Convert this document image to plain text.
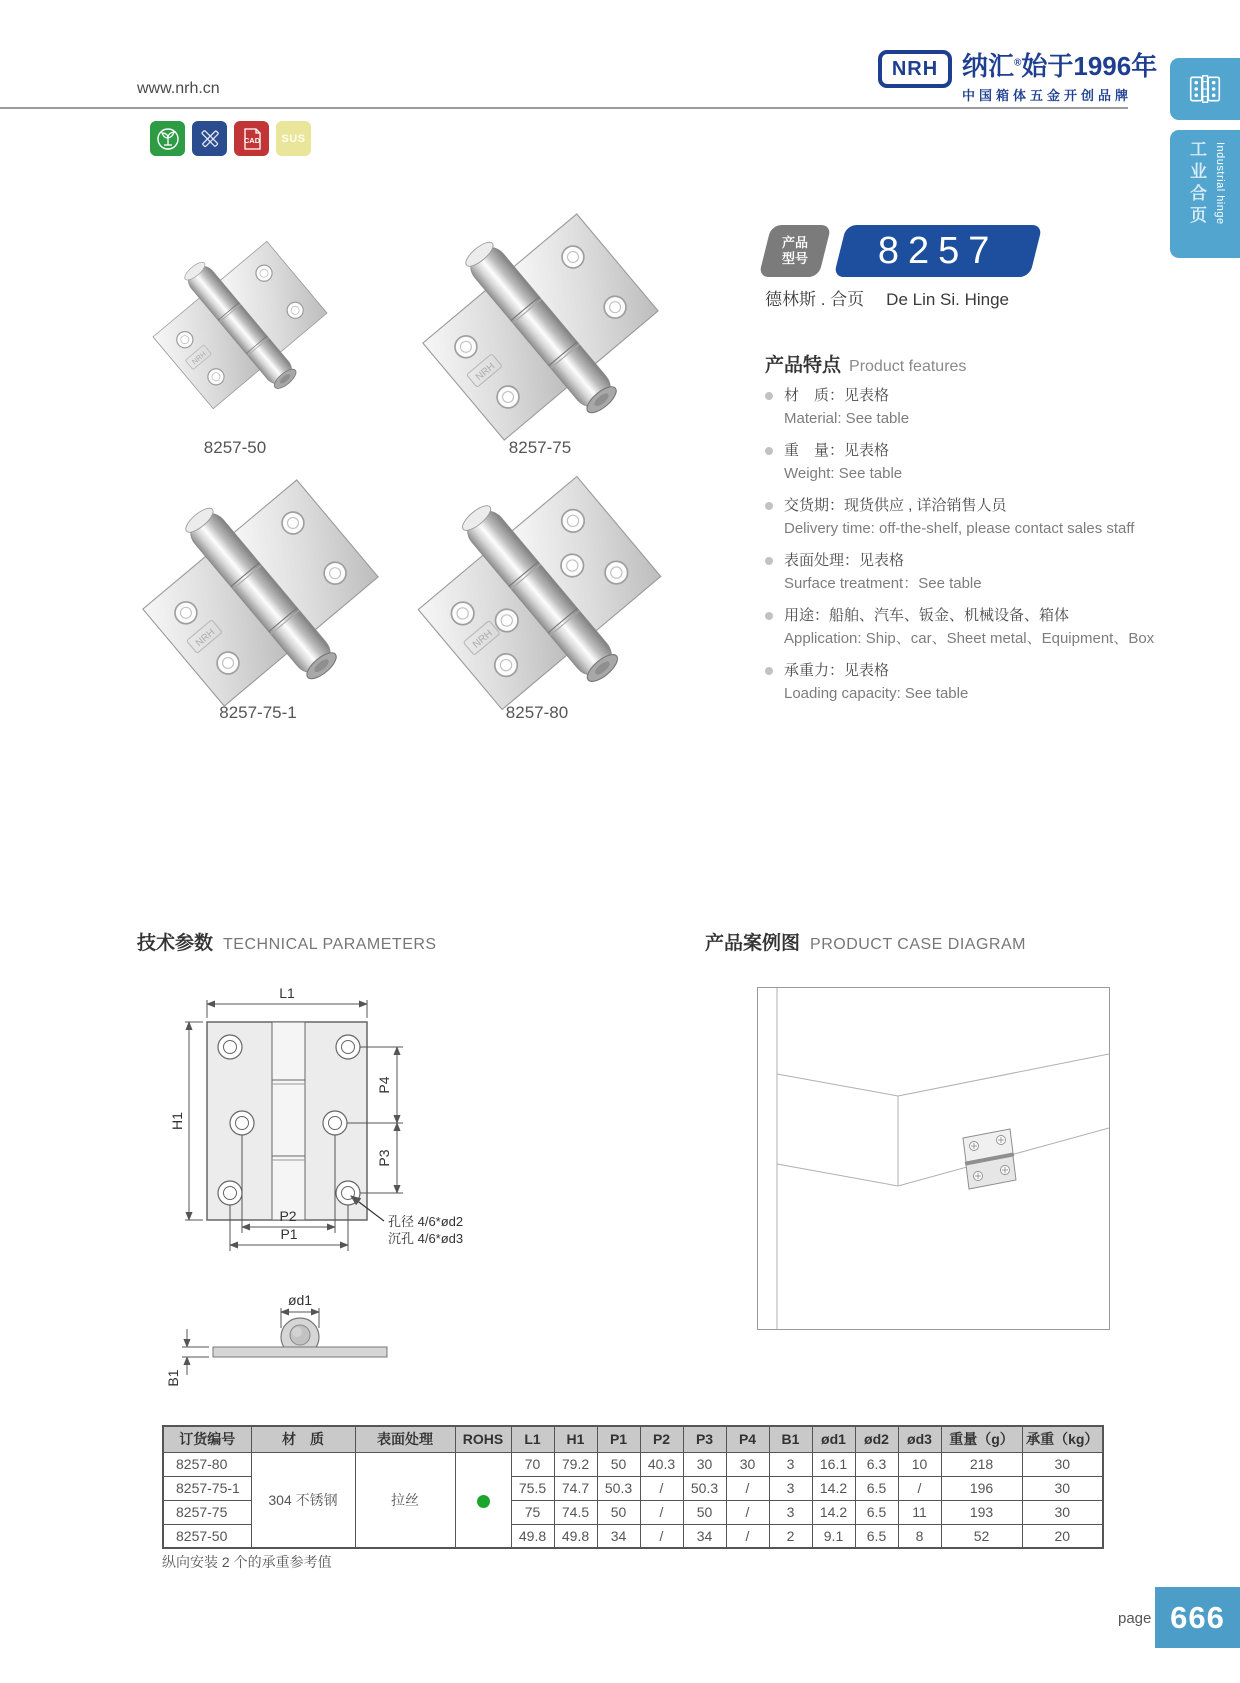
www.nrh.cn
CAD SUS
NRH 纳汇®始于1996年
中国箱体五金开创品牌
工业合页 Industrial hinge
产品
型号 8257
德林斯 . 合页 De Lin Si. Hinge
产品特点 Product features
材　质：见表格
Material: See table
重　量：见表格
Weight: See table
交货期：现货供应 , 详洽销售人员
Delivery time: off-the-shelf, please contact sales staff
表面处理：见表格
Surface treatment：See table
用途：船舶、汽车、钣金、机械设备、箱体
Application: Ship、car、Sheet metal、Equipment、Box
承重力：见表格
Loading capacity: See table
8257-50	8257-75
8257-75-1	8257-80
技术参数 TECHNICAL PARAMETERS
L1
H1
P4
P3
P2
P1
孔径 4/6*ød2
沉孔 4/6*ød3
ød1
B1
产品案例图 PRODUCT CASE DIAGRAM
订货编号	材　质	表面处理	ROHS	L1	H1	P1	P2	P3	P4	B1	ød1	ød2	ød3	重量（g）	承重（kg）
8257-80	304 不锈钢	拉丝		70	79.2	50	40.3	30	30	3	16.1	6.3	10	218	30
8257-75-1				75.5	74.7	50.3	/	50.3	/	3	14.2	6.5	/	196	30
8257-75				75	74.5	50	/	50	/	3	14.2	6.5	11	193	30
8257-50				49.8	49.8	34	/	34	/	2	9.1	6.5	8	52	20
纵向安装 2 个的承重参考值
page 666
